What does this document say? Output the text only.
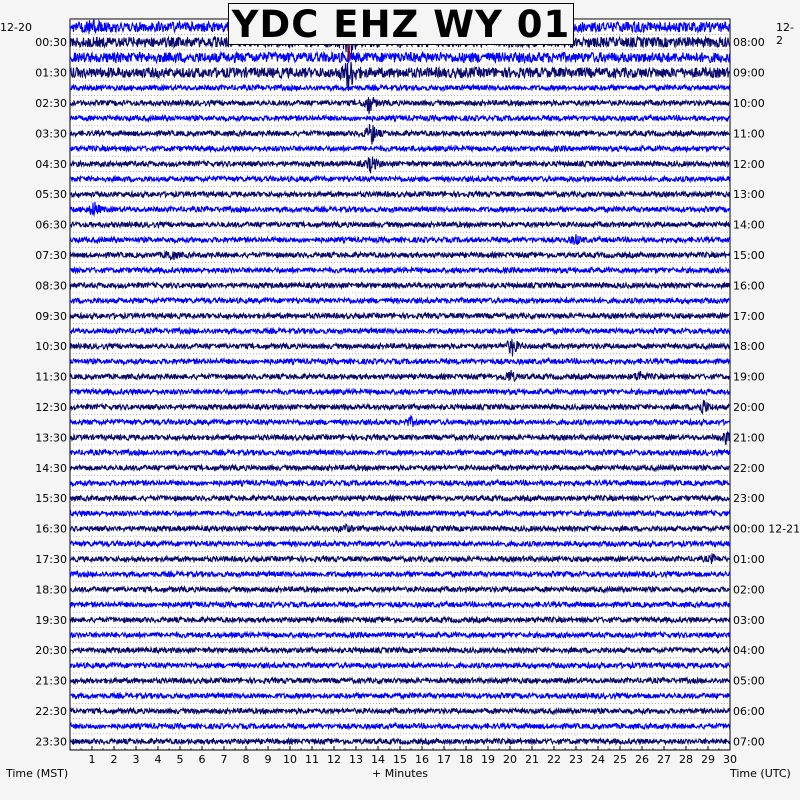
1 2 3 4 5 6 7 8 9 10 11 12 13 14 15 16 17 18 19 20 21 22 23 24 25 26 27 28 29 30
00:30
01:30
02:30
03:30
04:30
05:30
06:30
07:30
08:30
09:30
10:30
11:30
12:30
13:30
14:30
15:30
16:30
17:30
18:30
19:30
20:30
21:30
22:30
23:30
08:00
09:00
10:00
11:00
12:00
13:00
14:00
15:00
16:00
17:00
18:00
19:00
20:00
21:00
22:00
23:00
00:00 12-21
01:00
02:00
03:00
04:00
05:00
06:00
07:00
YDC EHZ WY 01
12-20	12-2
Time (MST)	+ Minutes	Time (UTC)
